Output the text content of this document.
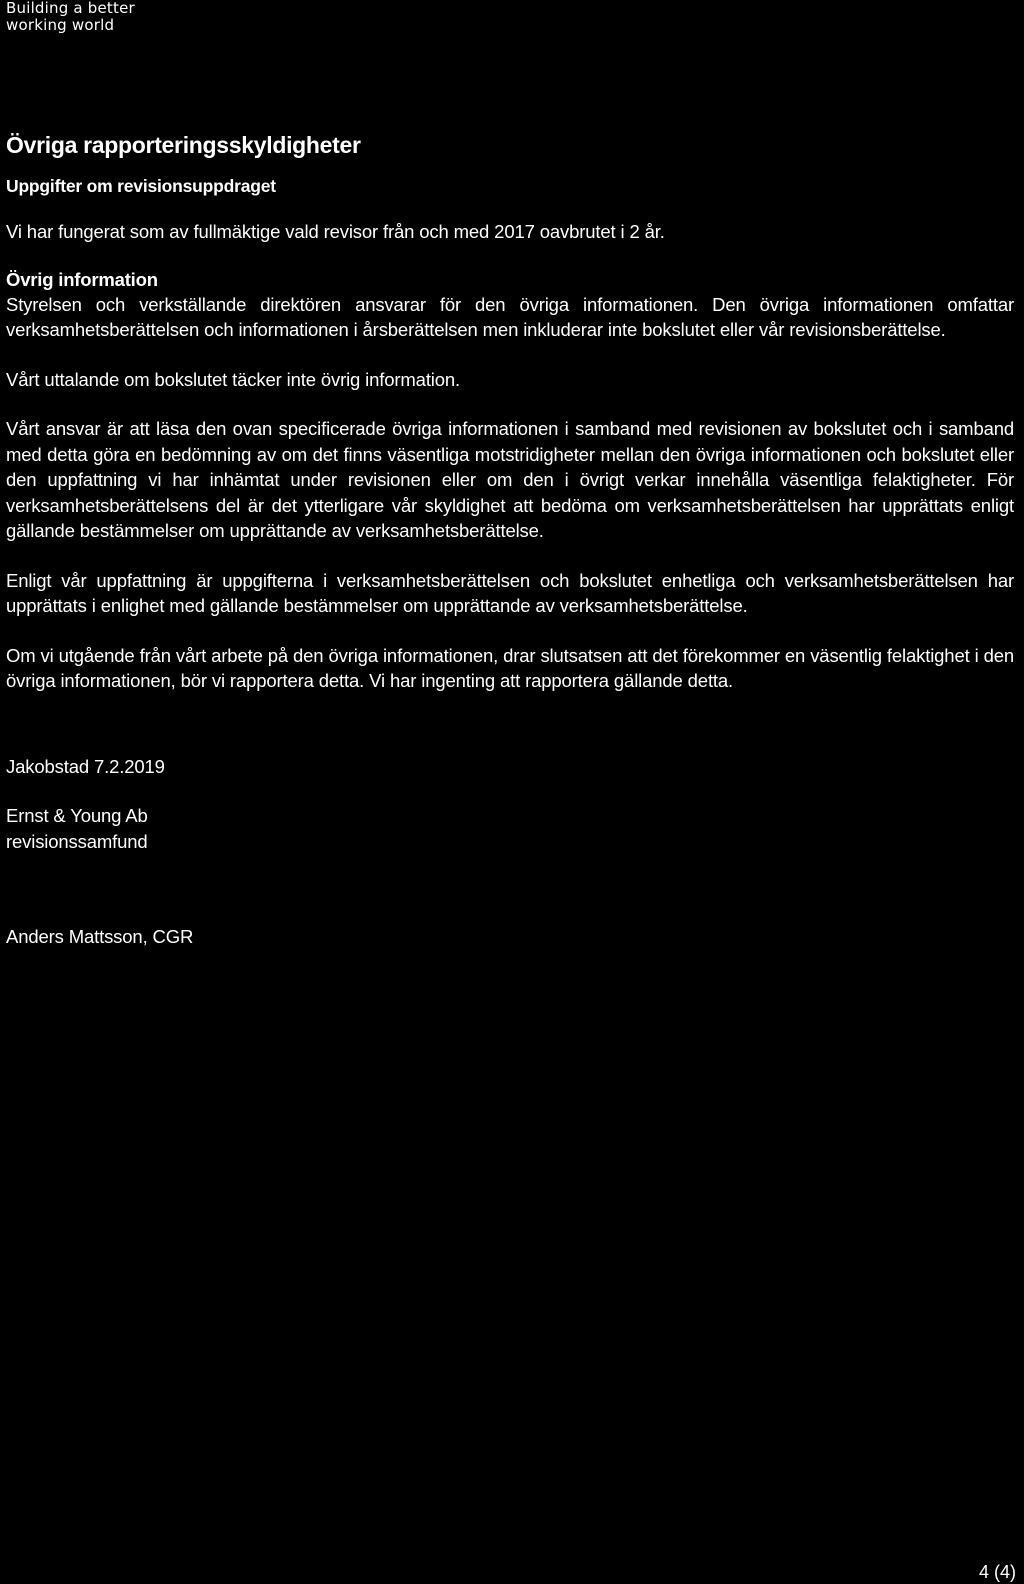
Building a better
working world
Övriga rapporteringsskyldigheter
Uppgifter om revisionsuppdraget

Vi har fungerat som av fullmäktige vald revisor från och med 2017 oavbrutet i 2 år.

Övrig information

Styrelsen och verkställande direktören ansvarar för den övriga informationen. Den övriga informationen omfattar verksamhetsberättelsen och informationen i årsberättelsen men inkluderar inte bokslutet eller vår revisionsberättelse.

Vårt uttalande om bokslutet täcker inte övrig information.

Vårt ansvar är att läsa den ovan specificerade övriga informationen i samband med revisionen av bokslutet och i samband med detta göra en bedömning av om det finns väsentliga motstridigheter mellan den övriga informationen och bokslutet eller den uppfattning vi har inhämtat under revisionen eller om den i övrigt verkar innehålla väsentliga felaktigheter. För verksamhetsberättelsens del är det ytterligare vår skyldighet att bedöma om verksamhetsberättelsen har upprättats enligt gällande bestämmelser om upprättande av verksamhetsberättelse.

Enligt vår uppfattning är uppgifterna i verksamhetsberättelsen och bokslutet enhetliga och verksamhetsberättelsen har upprättats i enlighet med gällande bestämmelser om upprättande av verksamhetsberättelse.

Om vi utgående från vårt arbete på den övriga informationen, drar slutsatsen att det förekommer en väsentlig felaktighet i den övriga informationen, bör vi rapportera detta. Vi har ingenting att rapportera gällande detta.

Jakobstad 7.2.2019

Ernst & Young Ab

revisionssamfund

Anders Mattsson, CGR

4 (4)
